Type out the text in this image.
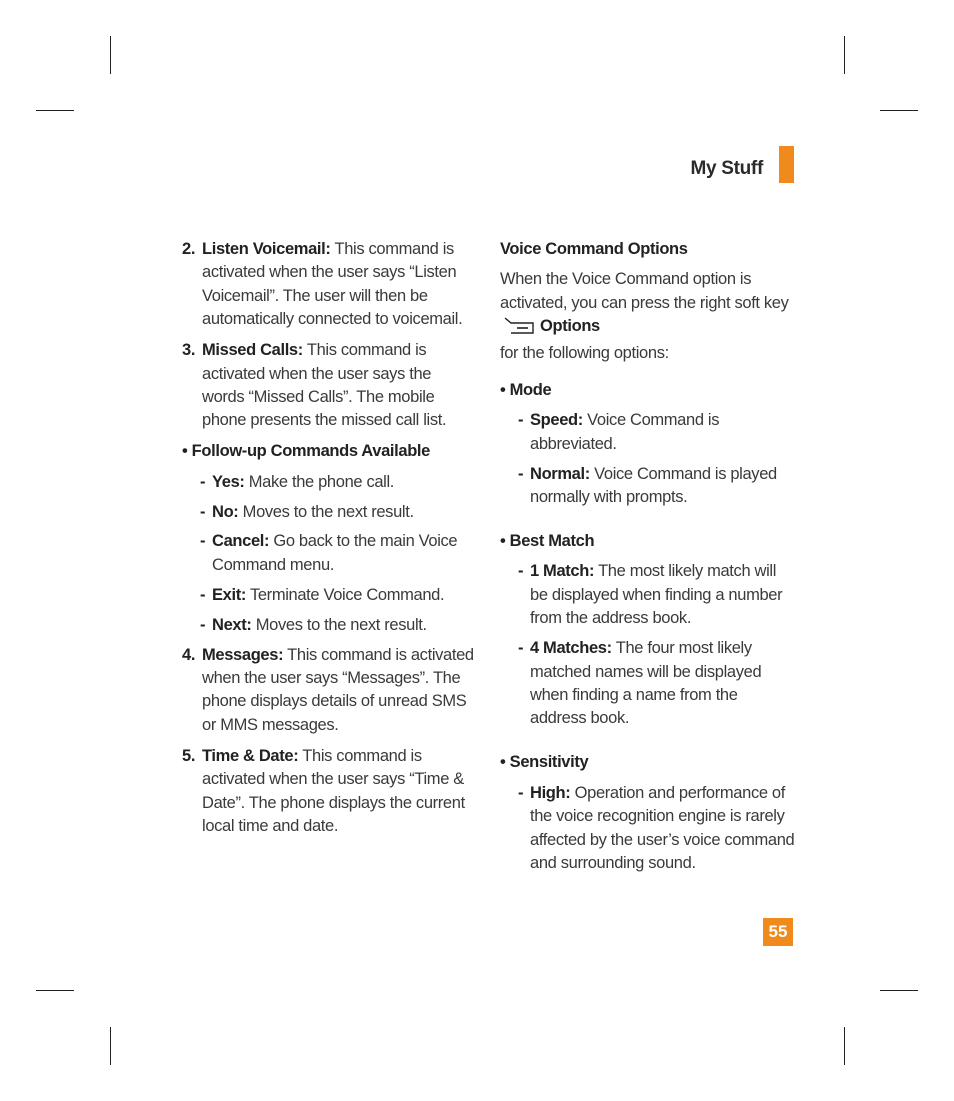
My Stuff
2. Listen Voicemail: This command is activated when the user says “Listen Voicemail”. The user will then be automatically connected to voicemail.
3. Missed Calls: This command is activated when the user says the words “Missed Calls”. The mobile phone presents the missed call list.
• Follow-up Commands Available
- Yes: Make the phone call.
- No: Moves to the next result.
- Cancel: Go back to the main Voice Command menu.
- Exit: Terminate Voice Command.
- Next: Moves to the next result.
4. Messages: This command is activated when the user says “Messages”. The phone displays details of unread SMS or MMS messages.
5. Time & Date: This command is activated when the user says “Time & Date”. The phone displays the current local time and date.
Voice Command Options
When the Voice Command option is activated, you can press the right soft keyOptions
for the following options:
• Mode
- Speed: Voice Command is abbreviated.
- Normal: Voice Command is played normally with prompts.
• Best Match
- 1 Match: The most likely match will be displayed when finding a number from the address book.
- 4 Matches: The four most likely matched names will be displayed when finding a name from the address book.
• Sensitivity
- High: Operation and performance of the voice recognition engine is rarely affected by the user’s voice command and surrounding sound.
55
